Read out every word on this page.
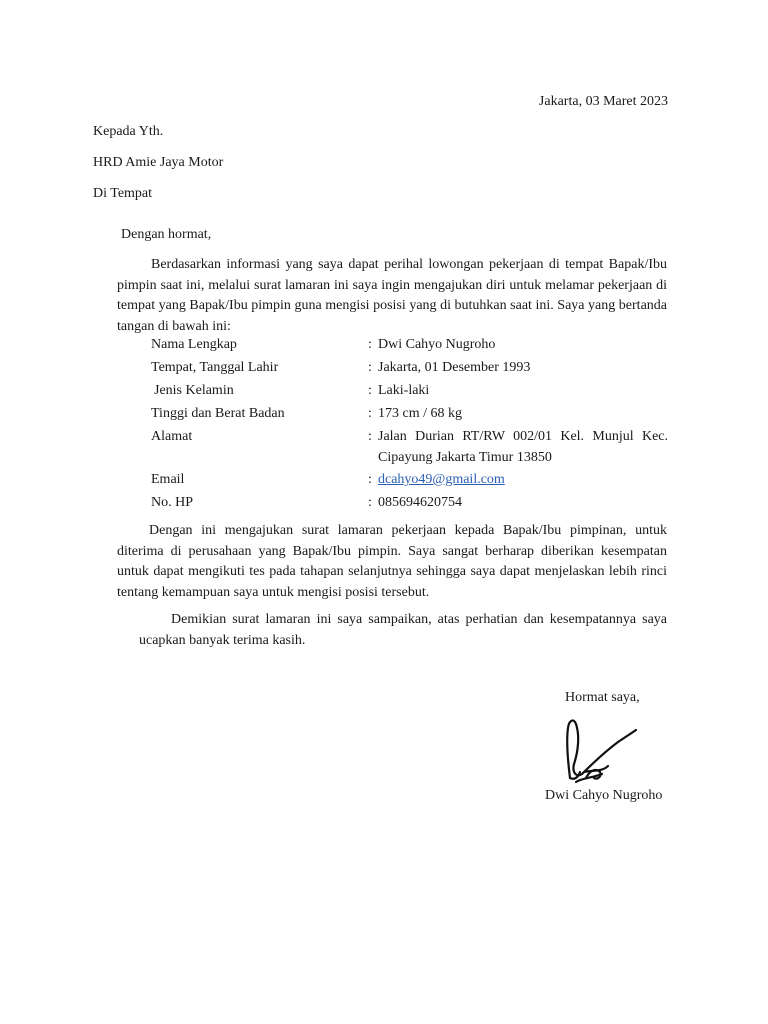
Jakarta, 03 Maret 2023
Kepada Yth.
HRD Amie Jaya Motor
Di Tempat
Dengan hormat,

Berdasarkan informasi yang saya dapat perihal lowongan pekerjaan di tempat Bapak/Ibu pimpin saat ini, melalui surat lamaran ini saya ingin mengajukan diri untuk melamar pekerjaan di tempat yang Bapak/Ibu pimpin guna mengisi posisi yang di butuhkan saat ini. Saya yang bertanda tangan di bawah ini:

Nama Lengkap	: Dwi Cahyo Nugroho
Tempat, Tanggal Lahir	: Jakarta, 01 Desember 1993
Jenis Kelamin	: Laki-laki
Tinggi dan Berat Badan	: 173 cm / 68 kg
Alamat	: Jalan Durian RT/RW 002/01 Kel. Munjul Kec. Cipayung Jakarta Timur 13850
Email	: dcahyo49@gmail.com
No. HP	: 085694620754

Dengan ini mengajukan surat lamaran pekerjaan kepada Bapak/Ibu pimpinan, untuk diterima di perusahaan yang Bapak/Ibu pimpin. Saya sangat berharap diberikan kesempatan untuk dapat mengikuti tes pada tahapan selanjutnya sehingga saya dapat menjelaskan lebih rinci tentang kemampuan saya untuk mengisi posisi tersebut.

Demikian surat lamaran ini saya sampaikan, atas perhatian dan kesempatannya saya ucapkan banyak terima kasih.

Hormat saya,
Dwi Cahyo Nugroho
